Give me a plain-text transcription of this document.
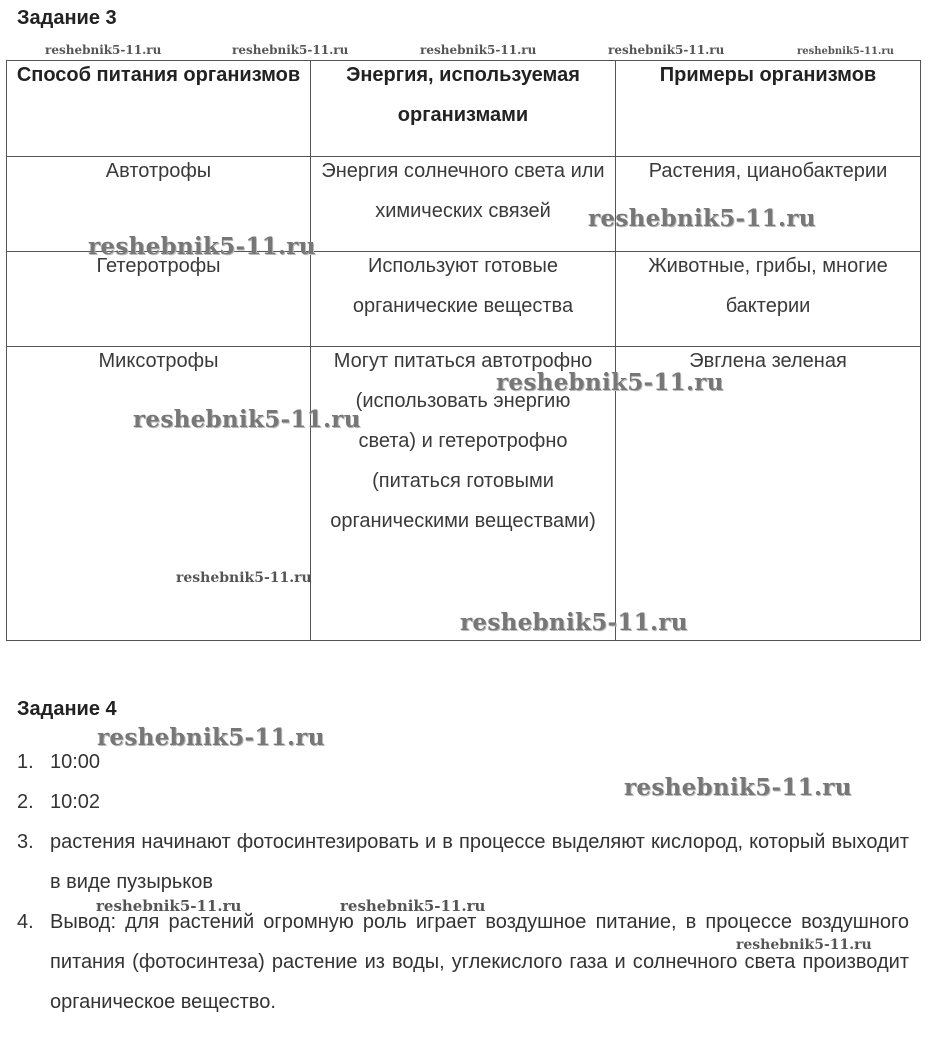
Задание 3
Способ питания организмов	Энергия, используемая организмами	Примеры организмов

Автотрофы	Энергия солнечного света или химических связей	Растения, цианобактерии

Гетеротрофы	Используют готовые органические вещества	Животные, грибы, многие бактерии

Миксотрофы	Могут питаться автотрофно (использовать энергию света) и гетеротрофно (питаться готовыми органическими веществами)	Эвглена зеленая
Задание 4
1. 10:00
2. 10:02
3. растения начинают фотосинтезировать и в процессе выделяют кислород, который выходит в виде пузырьков
4. Вывод: для растений огромную роль играет воздушное питание, в процессе воздушного питания (фотосинтеза) растение из воды, углекислого газа и солнечного света производит органическое вещество.
reshebnik5-11.ru	reshebnik5-11.ru	reshebnik5-11.ru	reshebnik5-11.ru	reshebnik5-11.ru
reshebnik5-11.ru
reshebnik5-11.ru
reshebnik5-11.ru
reshebnik5-11.ru
reshebnik5-11.ru
reshebnik5-11.ru
reshebnik5-11.ru
reshebnik5-11.ru
reshebnik5-11.ru	reshebnik5-11.ru
reshebnik5-11.ru
